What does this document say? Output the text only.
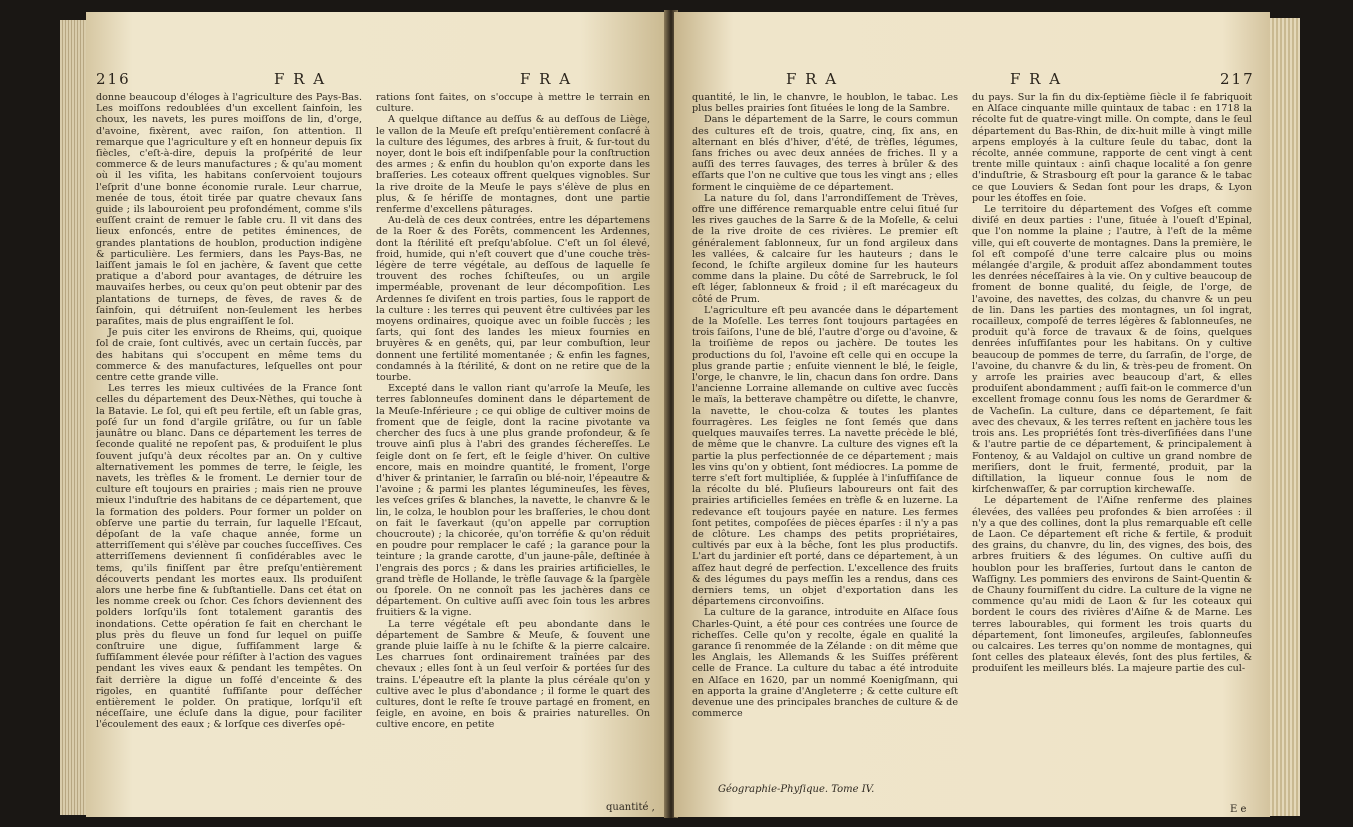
216	F R A	F R A

donne beaucoup d'éloges à l'agriculture des Pays-Bas. Les moiſſons redoublées d'un excellent ſainfoin, les choux, les navets, les pures moiſſons de lin, d'orge, d'avoine, fixèrent, avec raiſon, ſon attention. Il remarque que l'agriculture y eſt en honneur depuis ſix ſiècles, c'eſt-à-dire, depuis la proſpérité de leur commerce & de leurs manufactures ; & qu'au moment où il les viſita, les habitans conſervoient toujours l'eſprit d'une bonne économie rurale. Leur charrue, menée de tous, étoit tirée par quatre chevaux ſans guide ; ils labouroient peu profondément, comme s'ils euſſent craint de remuer le ſable cru. Il vit dans des lieux enfoncés, entre de petites éminences, de grandes plantations de houblon, production indigène & particulière. Les fermiers, dans les Pays-Bas, ne laiſſent jamais le ſol en jachère, & ſavent que cette pratique a d'abord pour avantages, de détruire les mauvaiſes herbes, ou ceux qu'on peut obtenir par des plantations de turneps, de fèves, de raves & de ſainfoin, qui détruiſent non-ſeulement les herbes paraſites, mais de plus engraiſſent le ſol.

Je puis citer les environs de Rheims, qui, quoique ſol de craie, ſont cultivés, avec un certain ſuccès, par des habitans qui s'occupent en même tems du commerce & des manufactures, leſquelles ont pour centre cette grande ville.

Les terres les mieux cultivées de la France ſont celles du département des Deux-Nèthes, qui touche à la Batavie. Le ſol, qui eſt peu fertile, eſt un ſable gras, poſé ſur un fond d'argile griſâtre, ou ſur un ſable jaunâtre ou blanc. Dans ce département les terres de ſeconde qualité ne repoſent pas, & produiſent le plus ſouvent juſqu'à deux récoltes par an. On y cultive alternativement les pommes de terre, le ſeigle, les navets, les trèfles & le froment. Le dernier tour de culture eſt toujours en prairies ; mais rien ne prouve mieux l'induſtrie des habitans de ce département, que la formation des polders. Pour former un polder on obſerve une partie du terrain, ſur laquelle l'Eſcaut, dépoſant de la vaſe chaque année, forme un atterriſſement qui s'élève par couches ſucceſſives. Ces atterriſſemens deviennent ſi conſidérables avec le tems, qu'ils finiſſent par être preſqu'entièrement découverts pendant les mortes eaux. Ils produiſent alors une herbe fine & ſubſtantielle. Dans cet état on les nomme creek ou ſchor. Ces ſchors deviennent des polders lorſqu'ils ſont totalement garantis des inondations. Cette opération ſe fait en cherchant le plus près du fleuve un fond ſur lequel on puiſſe conſtruire une digue, ſuffiſamment large & ſuffiſamment élevée pour réſiſter à l'action des vagues pendant les vives eaux & pendant les tempêtes. On fait derrière la digue un foſſé d'enceinte & des rigoles, en quantité ſuffiſante pour deſſécher entièrement le polder. On pratique, lorſqu'il eſt néceſſaire, une écluſe dans la digue, pour faciliter l'écoulement des eaux ; & lorſque ces diverſes opé-

rations ſont faites, on s'occupe à mettre le terrain en culture.

A quelque diſtance au deſſus & au deſſous de Liège, le vallon de la Meuſe eſt preſqu'entièrement conſacré à la culture des légumes, des arbres à fruit, & ſur-tout du noyer, dont le bois eſt indiſpenſable pour la conſtruction des armes ; & enfin du houblon qu'on exporte dans les braſſeries. Les coteaux offrent quelques vignobles. Sur la rive droite de la Meuſe le pays s'élève de plus en plus, & ſe hériſſe de montagnes, dont une partie renferme d'excellens pâturages.

Au-delà de ces deux contrées, entre les départemens de la Roer & des Forêts, commencent les Ardennes, dont la ſtérilité eſt preſqu'abſolue. C'eſt un ſol élevé, froid, humide, qui n'eſt couvert que d'une couche très-légère de terre végétale, au deſſous de laquelle ſe trouvent des roches ſchiſteuſes, ou un argile imperméable, provenant de leur décompoſition. Les Ardennes ſe diviſent en trois parties, ſous le rapport de la culture : les terres qui peuvent être cultivées par les moyens ordinaires, quoique avec un foible ſuccès ; les ſarts, qui ſont des landes les mieux fournies en bruyères & en genêts, qui, par leur combuſtion, leur donnent une fertilité momentanée ; & enfin les fagnes, condamnés à la ſtérilité, & dont on ne retire que de la tourbe.

Excepté dans le vallon riant qu'arroſe la Meuſe, les terres ſablonneuſes dominent dans le département de la Meuſe-Inférieure ; ce qui oblige de cultiver moins de froment que de ſeigle, dont la racine pivotante va chercher des ſucs à une plus grande profondeur, & ſe trouve ainſi plus à l'abri des grandes ſéchereſſes. Le ſeigle dont on ſe ſert, eſt le ſeigle d'hiver. On cultive encore, mais en moindre quantité, le froment, l'orge d'hiver & printanier, le ſarraſin ou blé-noir, l'épeautre & l'avoine ; & parmi les plantes légumineuſes, les fèves, les veſces griſes & blanches, la navette, le chanvre & le lin, le colza, le houblon pour les braſſeries, le chou dont on fait le ſaverkaut (qu'on appelle par corruption choucroute) ; la chicorée, qu'on torréfie & qu'on réduit en poudre pour remplacer le café ; la garance pour la teinture ; la grande carotte, d'un jaune-pâle, deſtinée à l'engrais des porcs ; & dans les prairies artificielles, le grand trèfle de Hollande, le trèfle ſauvage & la ſpargèle ou ſporele. On ne connoît pas les jachères dans ce département. On cultive auſſi avec ſoin tous les arbres fruitiers & la vigne.

La terre végétale eſt peu abondante dans le département de Sambre & Meuſe, & ſouvent une grande pluie laiſſe à nu le ſchiſte & la pierre calcaire. Les charrues ſont ordinairement traînées par des chevaux ; elles ſont à un ſeul verſoir & portées ſur des trains. L'épeautre eſt la plante la plus céréale qu'on y cultive avec le plus d'abondance ; il forme le quart des cultures, dont le reſte ſe trouve partagé en froment, en ſeigle, en avoine, en bois & prairies naturelles. On cultive encore, en petite

quantité ,
F R A	F R A	217

quantité, le lin, le chanvre, le houblon, le tabac. Les plus belles prairies ſont ſituées le long de la Sambre.

Dans le département de la Sarre, le cours commun des cultures eſt de trois, quatre, cinq, ſix ans, en alternant en blés d'hiver, d'été, de trèfles, légumes, ſans friches ou avec deux années de friches. Il y a auſſi des terres ſauvages, des terres à brûler & des eſſarts que l'on ne cultive que tous les vingt ans ; elles forment le cinquième de ce département.

La nature du ſol, dans l'arrondiſſement de Trèves, offre une différence remarquable entre celui ſitué ſur les rives gauches de la Sarre & de la Moſelle, & celui de la rive droite de ces rivières. Le premier eſt généralement ſablonneux, ſur un fond argileux dans les vallées, & calcaire ſur les hauteurs ; dans le ſecond, le ſchiſte argileux domine ſur les hauteurs comme dans la plaine. Du côté de Sarrebruck, le ſol eſt léger, ſablonneux & froid ; il eſt marécageux du côté de Prum.

L'agriculture eſt peu avancée dans le département de la Moſelle. Les terres ſont toujours partagées en trois ſaiſons, l'une de blé, l'autre d'orge ou d'avoine, & la troiſième de repos ou jachère. De toutes les productions du ſol, l'avoine eſt celle qui en occupe la plus grande partie ; enſuite viennent le blé, le ſeigle, l'orge, le chanvre, le lin, chacun dans ſon ordre. Dans l'ancienne Lorraine allemande on cultive avec ſuccès le maïs, la betterave champêtre ou diſette, le chanvre, la navette, le chou-colza & toutes les plantes fourragères. Les ſeigles ne ſont ſemés que dans quelques mauvaiſes terres. La navette précède le blé, de même que le chanvre. La culture des vignes eſt la partie la plus perfectionnée de ce département ; mais les vins qu'on y obtient, ſont médiocres. La pomme de terre s'eſt fort multipliée, & ſupplée à l'inſuffiſance de la récolte du blé. Pluſieurs laboureurs ont fait des prairies artificielles ſemées en trèfle & en luzerne. La redevance eſt toujours payée en nature. Les fermes ſont petites, compoſées de pièces éparſes : il n'y a pas de clôture. Les champs des petits propriétaires, cultivés par eux à la bêche, ſont les plus productifs. L'art du jardinier eſt porté, dans ce département, à un aſſez haut degré de perfection. L'excellence des fruits & des légumes du pays meſſin les a rendus, dans ces derniers tems, un objet d'exportation dans les départemens circonvoiſins.

La culture de la garance, introduite en Alſace ſous Charles-Quint, a été pour ces contrées une ſource de richeſſes. Celle qu'on y recolte, égale en qualité la garance ſi renommée de la Zélande : on dit même que les Anglais, les Allemands & les Suiſſes préfèrent celle de France. La culture du tabac a été introduite en Alſace en 1620, par un nommé Koenigſmann, qui en apporta la graine d'Angleterre ; & cette culture eſt devenue une des principales branches de culture & de commerce

Géographie-Phyſique. Tome IV.

du pays. Sur la fin du dix-ſeptième ſiècle il ſe fabriquoit en Alſace cinquante mille quintaux de tabac : en 1718 la récolte fut de quatre-vingt mille. On compte, dans le ſeul département du Bas-Rhin, de dix-huit mille à vingt mille arpens employés à la culture ſeule du tabac, dont la récolte, année commune, rapporte de cent vingt à cent trente mille quintaux : ainſi chaque localité a ſon genre d'induſtrie, & Strasbourg eſt pour la garance & le tabac ce que Louviers & Sedan ſont pour les draps, & Lyon pour les étoffes en ſoie.

Le territoire du département des Voſges eſt comme diviſé en deux parties : l'une, ſituée à l'oueſt d'Epinal, que l'on nomme la plaine ; l'autre, à l'eſt de la même ville, qui eſt couverte de montagnes. Dans la première, le ſol eſt compoſé d'une terre calcaire plus ou moins mélangée d'argile, & produit aſſez abondamment toutes les denrées néceſſaires à la vie. On y cultive beaucoup de froment de bonne qualité, du ſeigle, de l'orge, de l'avoine, des navettes, des colzas, du chanvre & un peu de lin. Dans les parties des montagnes, un ſol ingrat, rocailleux, compoſé de terres légères & ſablonneuſes, ne produit qu'à force de travaux & de ſoins, quelques denrées inſuffiſantes pour les habitans. On y cultive beaucoup de pommes de terre, du ſarraſin, de l'orge, de l'avoine, du chanvre & du lin, & très-peu de froment. On y arroſe les prairies avec beaucoup d'art, & elles produiſent abondamment ; auſſi fait-on le commerce d'un excellent fromage connu ſous les noms de Gerardmer & de Vacheſin. La culture, dans ce département, ſe fait avec des chevaux, & les terres reſtent en jachère tous les trois ans. Les propriétés ſont très-diverſifiées dans l'une & l'autre partie de ce département, & principalement à Fontenoy, & au Valdajol on cultive un grand nombre de meriſiers, dont le fruit, fermenté, produit, par la diſtillation, la liqueur connue ſous le nom de kirſchenwaſſer, & par corruption kirchewaſſe.

Le département de l'Aiſne renferme des plaines élevées, des vallées peu profondes & bien arroſées : il n'y a que des collines, dont la plus remarquable eſt celle de Laon. Ce département eſt riche & fertile, & produit des grains, du chanvre, du lin, des vignes, des bois, des arbres fruitiers & des légumes. On cultive auſſi du houblon pour les braſſeries, ſurtout dans le canton de Waſſigny. Les pommiers des environs de Saint-Quentin & de Chauny fourniſſent du cidre. La culture de la vigne ne commence qu'au midi de Laon & ſur les coteaux qui bordent le cours des rivières d'Aiſne & de Marne. Les terres labourables, qui forment les trois quarts du département, ſont limoneuſes, argileuſes, ſablonneuſes ou calcaires. Les terres qu'on nomme de montagnes, qui ſont celles des plateaux élevés, ſont des plus fertiles, & produiſent les meilleurs blés. La majeure partie des cul-

E e
